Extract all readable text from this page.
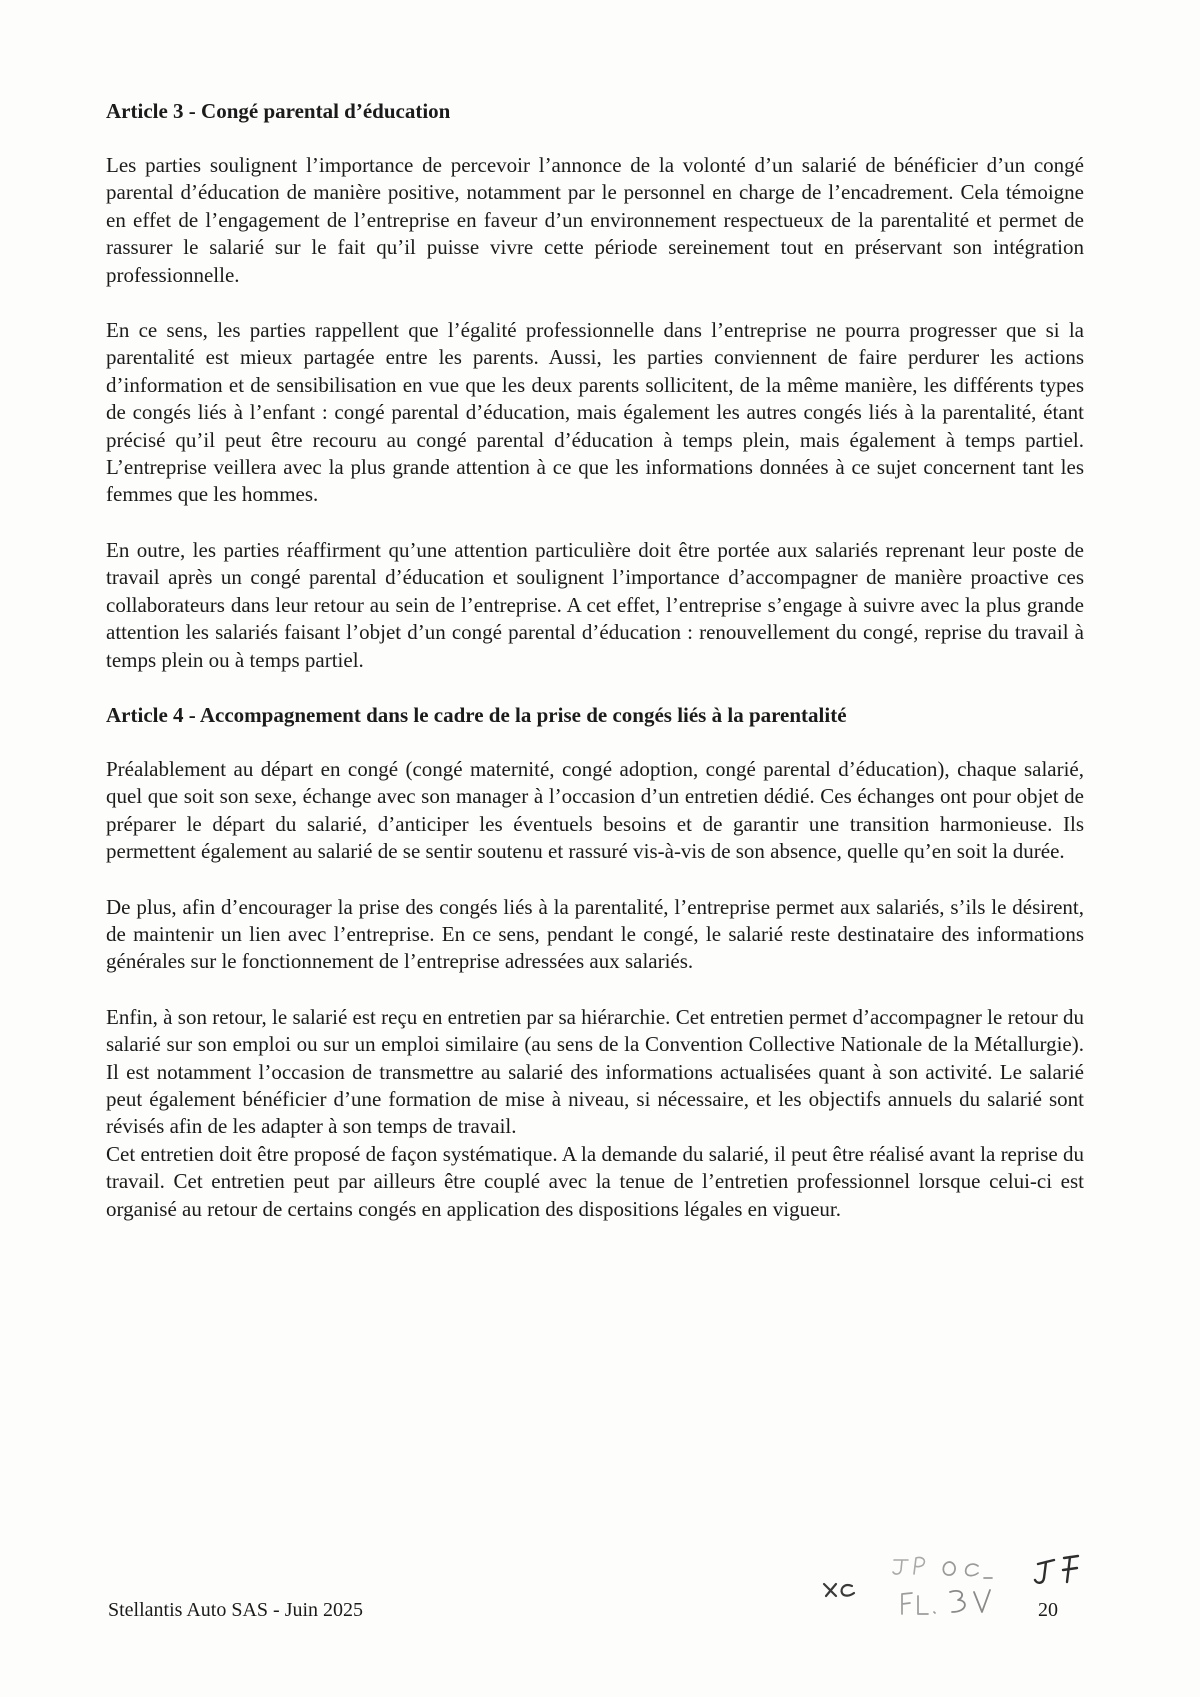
Article 3 - Congé parental d’éducation

Les parties soulignent l’importance de percevoir l’annonce de la volonté d’un salarié de bénéficier d’un congé parental d’éducation de manière positive, notamment par le personnel en charge de l’encadrement. Cela témoigne en effet de l’engagement de l’entreprise en faveur d’un environnement respectueux de la parentalité et permet de rassurer le salarié sur le fait qu’il puisse vivre cette période sereinement tout en préservant son intégration professionnelle.

En ce sens, les parties rappellent que l’égalité professionnelle dans l’entreprise ne pourra progresser que si la parentalité est mieux partagée entre les parents. Aussi, les parties conviennent de faire perdurer les actions d’information et de sensibilisation en vue que les deux parents sollicitent, de la même manière, les différents types de congés liés à l’enfant : congé parental d’éducation, mais également les autres congés liés à la parentalité, étant précisé qu’il peut être recouru au congé parental d’éducation à temps plein, mais également à temps partiel. L’entreprise veillera avec la plus grande attention à ce que les informations données à ce sujet concernent tant les femmes que les hommes.

En outre, les parties réaffirment qu’une attention particulière doit être portée aux salariés reprenant leur poste de travail après un congé parental d’éducation et soulignent l’importance d’accompagner de manière proactive ces collaborateurs dans leur retour au sein de l’entreprise. A cet effet, l’entreprise s’engage à suivre avec la plus grande attention les salariés faisant l’objet d’un congé parental d’éducation : renouvellement du congé, reprise du travail à temps plein ou à temps partiel.

Article 4 - Accompagnement dans le cadre de la prise de congés liés à la parentalité

Préalablement au départ en congé (congé maternité, congé adoption, congé parental d’éducation), chaque salarié, quel que soit son sexe, échange avec son manager à l’occasion d’un entretien dédié. Ces échanges ont pour objet de préparer le départ du salarié, d’anticiper les éventuels besoins et de garantir une transition harmonieuse. Ils permettent également au salarié de se sentir soutenu et rassuré vis-à-vis de son absence, quelle qu’en soit la durée.

De plus, afin d’encourager la prise des congés liés à la parentalité, l’entreprise permet aux salariés, s’ils le désirent, de maintenir un lien avec l’entreprise. En ce sens, pendant le congé, le salarié reste destinataire des informations générales sur le fonctionnement de l’entreprise adressées aux salariés.

Enfin, à son retour, le salarié est reçu en entretien par sa hiérarchie. Cet entretien permet d’accompagner le retour du salarié sur son emploi ou sur un emploi similaire (au sens de la Convention Collective Nationale de la Métallurgie). Il est notamment l’occasion de transmettre au salarié des informations actualisées quant à son activité. Le salarié peut également bénéficier d’une formation de mise à niveau, si nécessaire, et les objectifs annuels du salarié sont révisés afin de les adapter à son temps de travail.

Cet entretien doit être proposé de façon systématique. A la demande du salarié, il peut être réalisé avant la reprise du travail. Cet entretien peut par ailleurs être couplé avec la tenue de l’entretien professionnel lorsque celui-ci est organisé au retour de certains congés en application des dispositions légales en vigueur.

Stellantis Auto SAS - Juin 2025	20
